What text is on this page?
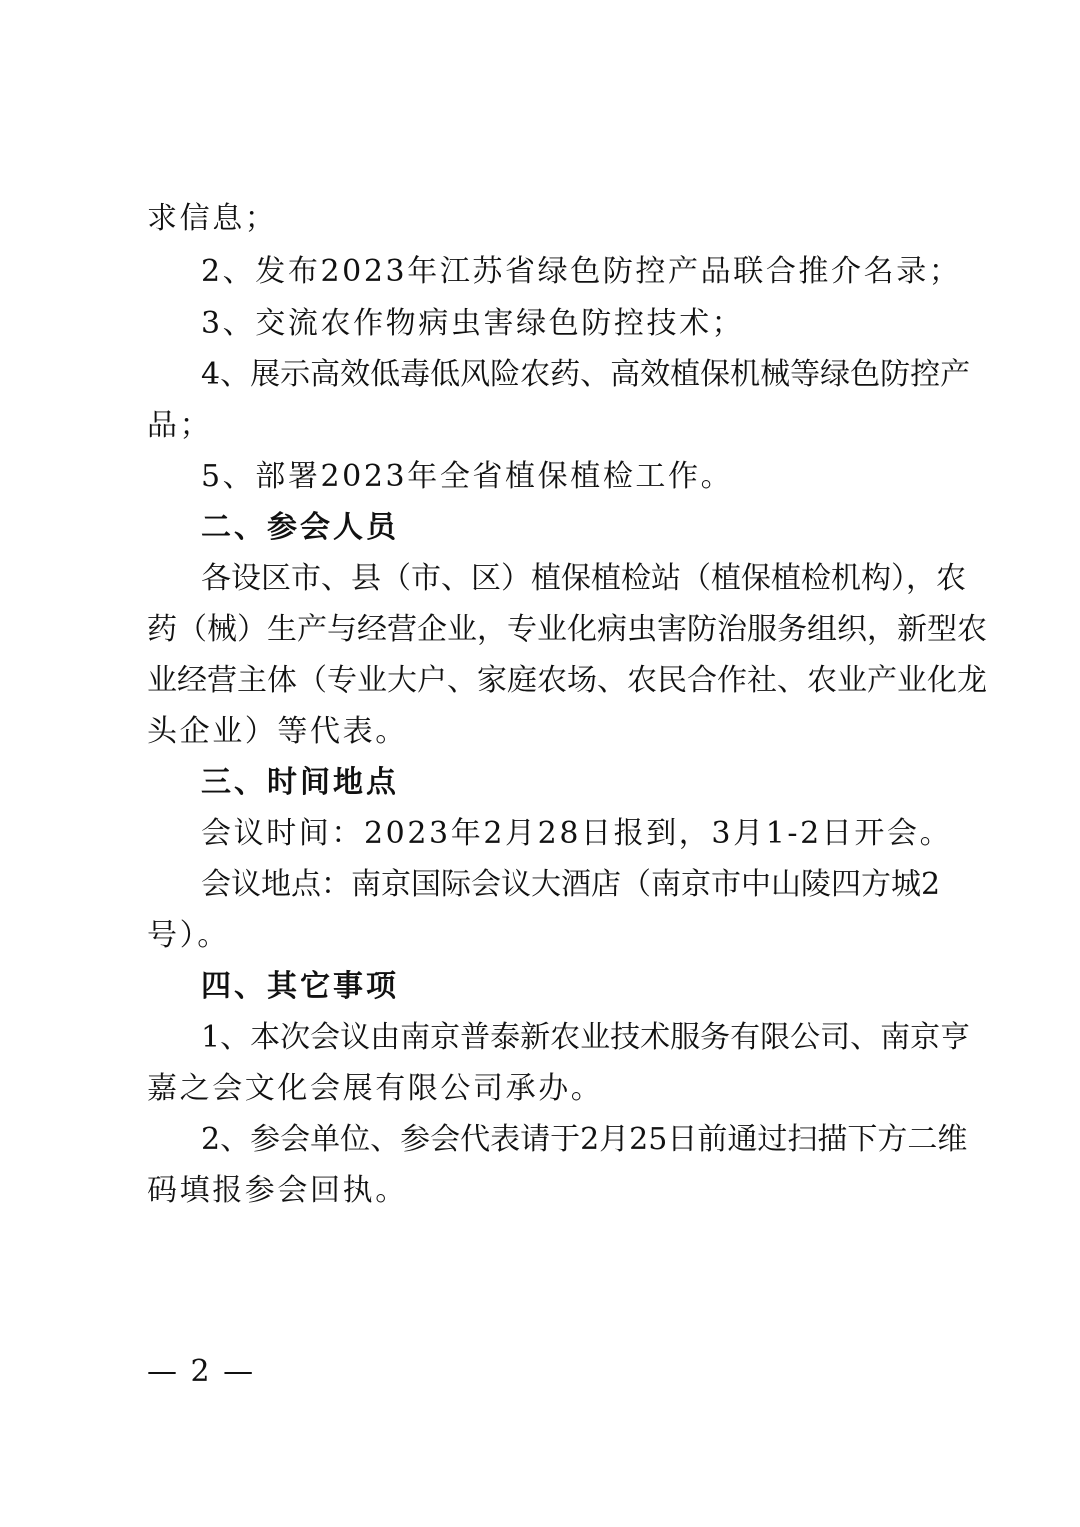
求信息；
2、发布2023年江苏省绿色防控产品联合推介名录；
3、交流农作物病虫害绿色防控技术；
4、展示高效低毒低风险农药、高效植保机械等绿色防控产
品；
5、部署2023年全省植保植检工作。
二、参会人员
各设区市、县（市、区）植保植检站（植保植检机构），农
药（械）生产与经营企业，专业化病虫害防治服务组织，新型农
业经营主体（专业大户、家庭农场、农民合作社、农业产业化龙
头企业）等代表。
三、时间地点
会议时间：2023年2月28日报到，3月1-2日开会。
会议地点：南京国际会议大酒店（南京市中山陵四方城2
号）。
四、其它事项
1、本次会议由南京普泰新农业技术服务有限公司、南京亨
嘉之会文化会展有限公司承办。
2、参会单位、参会代表请于2月25日前通过扫描下方二维
码填报参会回执。
— 2 —
